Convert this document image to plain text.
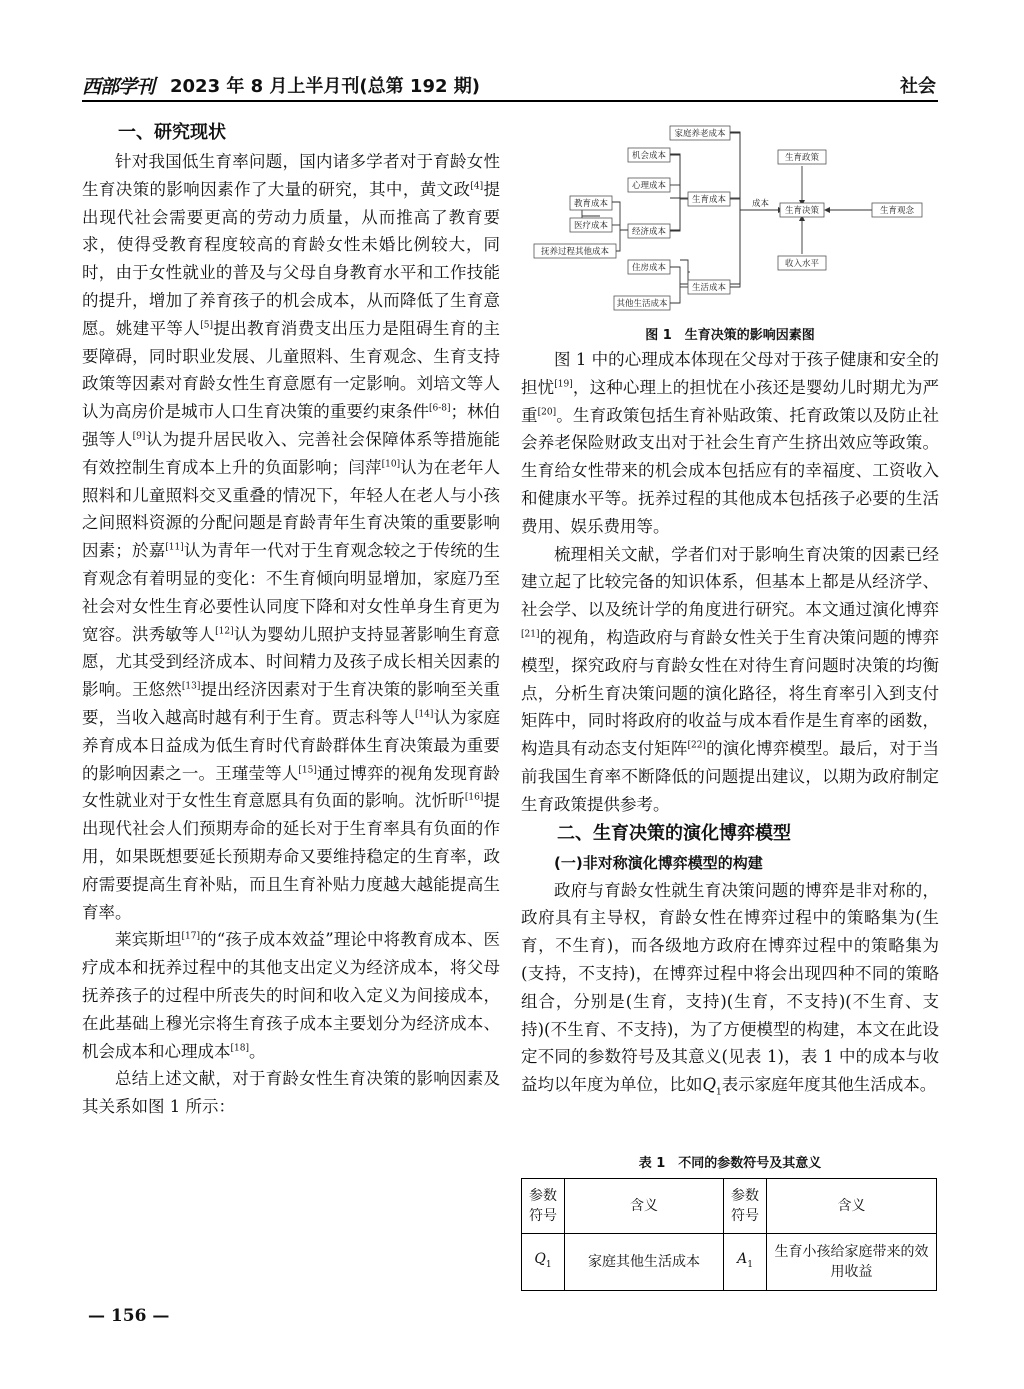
西部学刊 2023 年 8 月上半月刊(总第 192 期)	社会
一、研究现状

针对我国低生育率问题，国内诸多学者对于育龄女性生育决策的影响因素作了大量的研究，其中，黄文政[4]提出现代社会需要更高的劳动力质量，从而推高了教育要求，使得受教育程度较高的育龄女性未婚比例较大，同时，由于女性就业的普及与父母自身教育水平和工作技能的提升，增加了养育孩子的机会成本，从而降低了生育意愿。姚建平等人[5]提出教育消费支出压力是阻碍生育的主要障碍，同时职业发展、儿童照料、生育观念、生育支持政策等因素对育龄女性生育意愿有一定影响。刘培文等人认为高房价是城市人口生育决策的重要约束条件[6-8]；林伯强等人[9]认为提升居民收入、完善社会保障体系等措施能有效控制生育成本上升的负面影响；闫萍[10]认为在老年人照料和儿童照料交叉重叠的情况下，年轻人在老人与小孩之间照料资源的分配问题是育龄青年生育决策的重要影响因素；於嘉[11]认为青年一代对于生育观念较之于传统的生育观念有着明显的变化：不生育倾向明显增加，家庭乃至社会对女性生育必要性认同度下降和对女性单身生育更为宽容。洪秀敏等人[12]认为婴幼儿照护支持显著影响生育意愿，尤其受到经济成本、时间精力及孩子成长相关因素的影响。王悠然[13]提出经济因素对于生育决策的影响至关重要，当收入越高时越有利于生育。贾志科等人[14]认为家庭养育成本日益成为低生育时代育龄群体生育决策最为重要的影响因素之一。王瑾莹等人[15]通过博弈的视角发现育龄女性就业对于女性生育意愿具有负面的影响。沈忻昕[16]提出现代社会人们预期寿命的延长对于生育率具有负面的作用，如果既想要延长预期寿命又要维持稳定的生育率，政府需要提高生育补贴，而且生育补贴力度越大越能提高生育率。

莱宾斯坦[17]的“孩子成本效益”理论中将教育成本、医疗成本和抚养过程中的其他支出定义为经济成本，将父母抚养孩子的过程中所丧失的时间和收入定义为间接成本，在此基础上穆光宗将生育孩子成本主要划分为经济成本、机会成本和心理成本[18]。

总结上述文献，对于育龄女性生育决策的影响因素及其关系如图 1 所示：

家庭养老成本
机会成本
心理成本
教育成本
医疗成本
经济成本
抚养过程其他成本
生育成本
住房成本
生活成本
其他生活成本
成本
生育政策
生育决策	生育观念
收入水平
图 1　生育决策的影响因素图

图 1 中的心理成本体现在父母对于孩子健康和安全的担忧[19]，这种心理上的担忧在小孩还是婴幼儿时期尤为严重[20]。生育政策包括生育补贴政策、托育政策以及防止社会养老保险财政支出对于社会生育产生挤出效应等政策。生育给女性带来的机会成本包括应有的幸福度、工资收入和健康水平等。抚养过程的其他成本包括孩子必要的生活费用、娱乐费用等。

梳理相关文献，学者们对于影响生育决策的因素已经建立起了比较完备的知识体系，但基本上都是从经济学、社会学、以及统计学的角度进行研究。本文通过演化博弈[21]的视角，构造政府与育龄女性关于生育决策问题的博弈模型，探究政府与育龄女性在对待生育问题时决策的均衡点，分析生育决策问题的演化路径，将生育率引入到支付矩阵中，同时将政府的收益与成本看作是生育率的函数，构造具有动态支付矩阵[22]的演化博弈模型。最后，对于当前我国生育率不断降低的问题提出建议，以期为政府制定生育政策提供参考。

二、生育决策的演化博弈模型
(一)非对称演化博弈模型的构建

政府与育龄女性就生育决策问题的博弈是非对称的，政府具有主导权，育龄女性在博弈过程中的策略集为(生育，不生育)，而各级地方政府在博弈过程中的策略集为(支持，不支持)，在博弈过程中将会出现四种不同的策略组合，分别是(生育，支持)(生育，不支持)(不生育、支持)(不生育、不支持)，为了方便模型的构建，本文在此设定不同的参数符号及其意义(见表 1)，表 1 中的成本与收益均以年度为单位，比如$Q_1$表示家庭年度其他生活成本。

表 1　不同的参数符号及其意义
参数符号	含义	参数符号	含义
$Q_1$	家庭其他生活成本	$A_1$	生育小孩给家庭带来的效用收益
— 156 —
